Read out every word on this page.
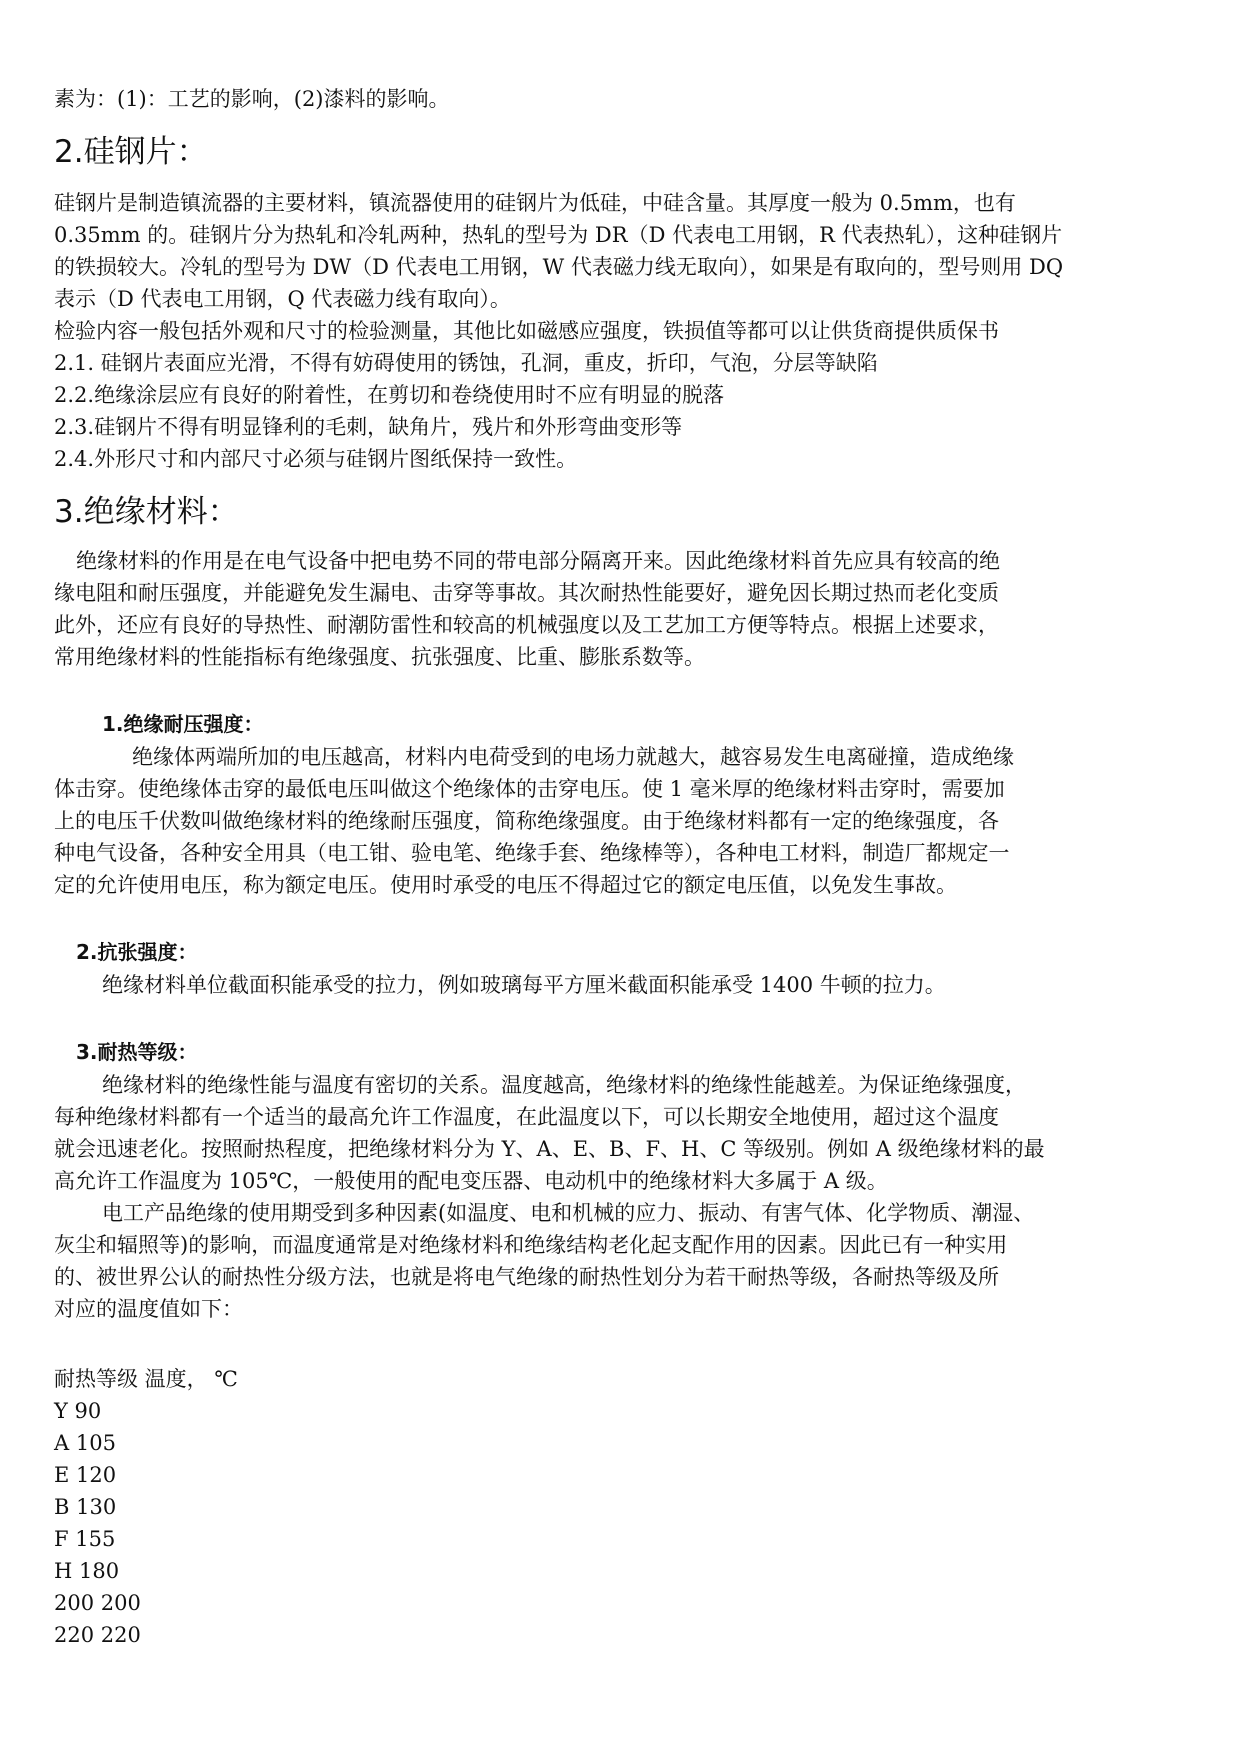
素为：(1)：工艺的影响，(2)漆料的影响。
2.硅钢片：
硅钢片是制造镇流器的主要材料，镇流器使用的硅钢片为低硅，中硅含量。其厚度一般为 0.5mm，也有
0.35mm 的。硅钢片分为热轧和冷轧两种，热轧的型号为 DR（D 代表电工用钢，R 代表热轧），这种硅钢片
的铁损较大。冷轧的型号为 DW（D 代表电工用钢，W 代表磁力线无取向），如果是有取向的，型号则用 DQ
表示（D 代表电工用钢，Q 代表磁力线有取向）。
检验内容一般包括外观和尺寸的检验测量，其他比如磁感应强度，铁损值等都可以让供货商提供质保书
2.1. 硅钢片表面应光滑，不得有妨碍使用的锈蚀，孔洞，重皮，折印，气泡，分层等缺陷
2.2.绝缘涂层应有良好的附着性，在剪切和卷绕使用时不应有明显的脱落
2.3.硅钢片不得有明显锋利的毛刺，缺角片，残片和外形弯曲变形等
2.4.外形尺寸和内部尺寸必须与硅钢片图纸保持一致性。
3.绝缘材料：
绝缘材料的作用是在电气设备中把电势不同的带电部分隔离开来。因此绝缘材料首先应具有较高的绝
缘电阻和耐压强度，并能避免发生漏电、击穿等事故。其次耐热性能要好，避免因长期过热而老化变质
此外，还应有良好的导热性、耐潮防雷性和较高的机械强度以及工艺加工方便等特点。根据上述要求，
常用绝缘材料的性能指标有绝缘强度、抗张强度、比重、膨胀系数等。
1.绝缘耐压强度：
绝缘体两端所加的电压越高，材料内电荷受到的电场力就越大，越容易发生电离碰撞，造成绝缘
体击穿。使绝缘体击穿的最低电压叫做这个绝缘体的击穿电压。使 1 毫米厚的绝缘材料击穿时，需要加
上的电压千伏数叫做绝缘材料的绝缘耐压强度，简称绝缘强度。由于绝缘材料都有一定的绝缘强度，各
种电气设备，各种安全用具（电工钳、验电笔、绝缘手套、绝缘棒等），各种电工材料，制造厂都规定一
定的允许使用电压，称为额定电压。使用时承受的电压不得超过它的额定电压值，以免发生事故。
2.抗张强度：
绝缘材料单位截面积能承受的拉力，例如玻璃每平方厘米截面积能承受 1400 牛顿的拉力。
3.耐热等级：
绝缘材料的绝缘性能与温度有密切的关系。温度越高，绝缘材料的绝缘性能越差。为保证绝缘强度，
每种绝缘材料都有一个适当的最高允许工作温度，在此温度以下，可以长期安全地使用，超过这个温度
就会迅速老化。按照耐热程度，把绝缘材料分为 Y、A、E、B、F、H、C 等级别。例如 A 级绝缘材料的最
高允许工作温度为 105℃，一般使用的配电变压器、电动机中的绝缘材料大多属于 A 级。
电工产品绝缘的使用期受到多种因素(如温度、电和机械的应力、振动、有害气体、化学物质、潮湿、
灰尘和辐照等)的影响，而温度通常是对绝缘材料和绝缘结构老化起支配作用的因素。因此已有一种实用
的、被世界公认的耐热性分级方法，也就是将电气绝缘的耐热性划分为若干耐热等级，各耐热等级及所
对应的温度值如下：
耐热等级 温度， ℃
Y 90
A 105
E 120
B 130
F 155
H 180
200 200
220 220
